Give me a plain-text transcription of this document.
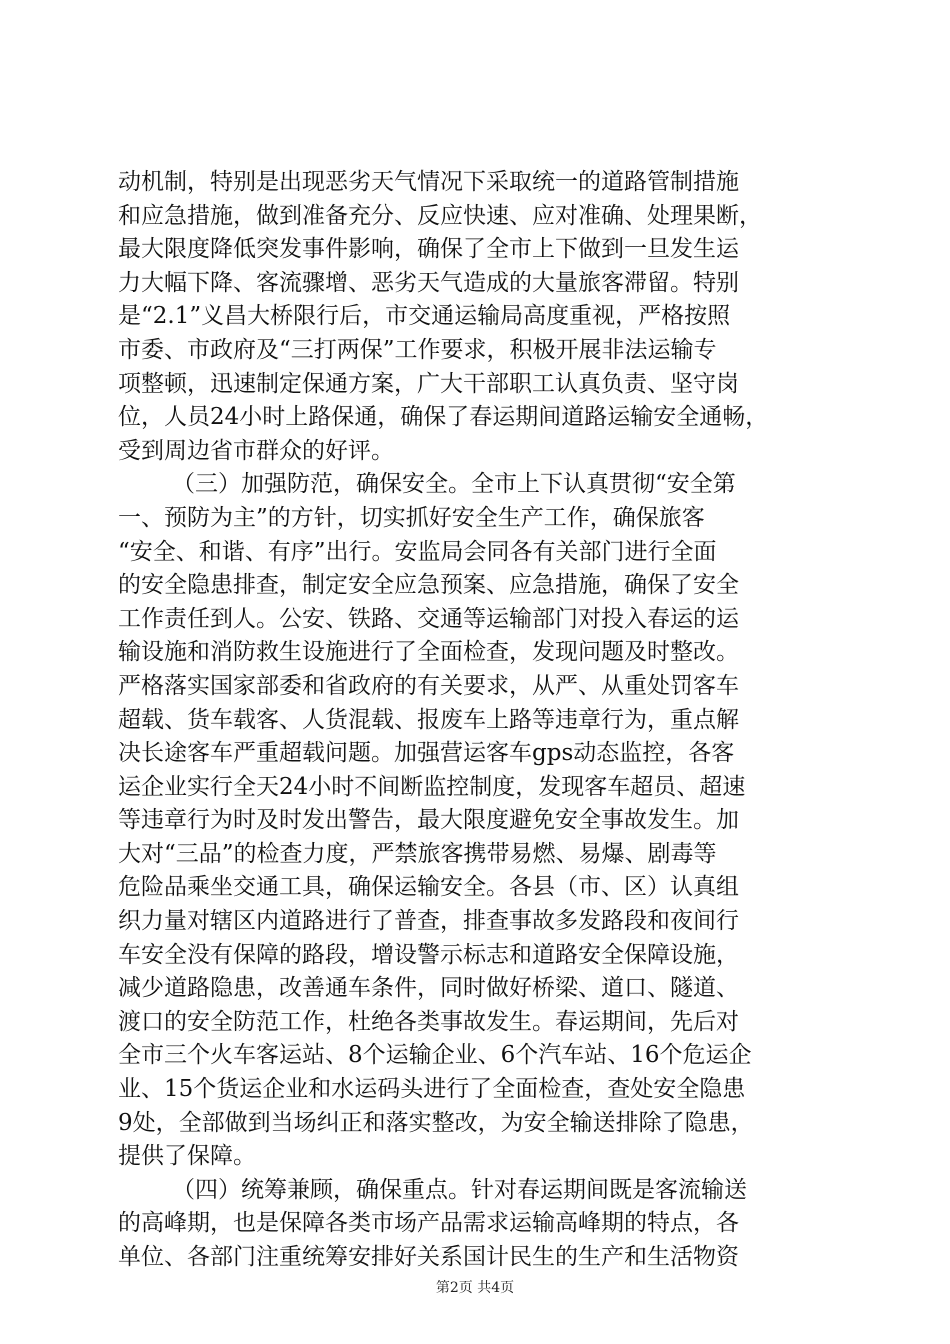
动机制，特别是出现恶劣天气情况下采取统一的道路管制措施
和应急措施，做到准备充分、反应快速、应对准确、处理果断，
最大限度降低突发事件影响，确保了全市上下做到一旦发生运
力大幅下降、客流骤增、恶劣天气造成的大量旅客滞留。特别
是“2.1”义昌大桥限行后，市交通运输局高度重视，严格按照
市委、市政府及“三打两保”工作要求，积极开展非法运输专
项整顿，迅速制定保通方案，广大干部职工认真负责、坚守岗
位，人员24小时上路保通，确保了春运期间道路运输安全通畅，
受到周边省市群众的好评。
（三）加强防范，确保安全。全市上下认真贯彻“安全第
一、预防为主”的方针，切实抓好安全生产工作，确保旅客
“安全、和谐、有序”出行。安监局会同各有关部门进行全面
的安全隐患排查，制定安全应急预案、应急措施，确保了安全
工作责任到人。公安、铁路、交通等运输部门对投入春运的运
输设施和消防救生设施进行了全面检查，发现问题及时整改。
严格落实国家部委和省政府的有关要求，从严、从重处罚客车
超载、货车载客、人货混载、报废车上路等违章行为，重点解
决长途客车严重超载问题。加强营运客车gps动态监控，各客
运企业实行全天24小时不间断监控制度，发现客车超员、超速
等违章行为时及时发出警告，最大限度避免安全事故发生。加
大对“三品”的检查力度，严禁旅客携带易燃、易爆、剧毒等
危险品乘坐交通工具，确保运输安全。各县（市、区）认真组
织力量对辖区内道路进行了普查，排查事故多发路段和夜间行
车安全没有保障的路段，增设警示标志和道路安全保障设施，
减少道路隐患，改善通车条件，同时做好桥梁、道口、隧道、
渡口的安全防范工作，杜绝各类事故发生。春运期间，先后对
全市三个火车客运站、8个运输企业、6个汽车站、16个危运企
业、15个货运企业和水运码头进行了全面检查，查处安全隐患
9处，全部做到当场纠正和落实整改，为安全输送排除了隐患，
提供了保障。
（四）统筹兼顾，确保重点。针对春运期间既是客流输送
的高峰期，也是保障各类市场产品需求运输高峰期的特点，各
单位、各部门注重统筹安排好关系国计民生的生产和生活物资
第2页 共4页
